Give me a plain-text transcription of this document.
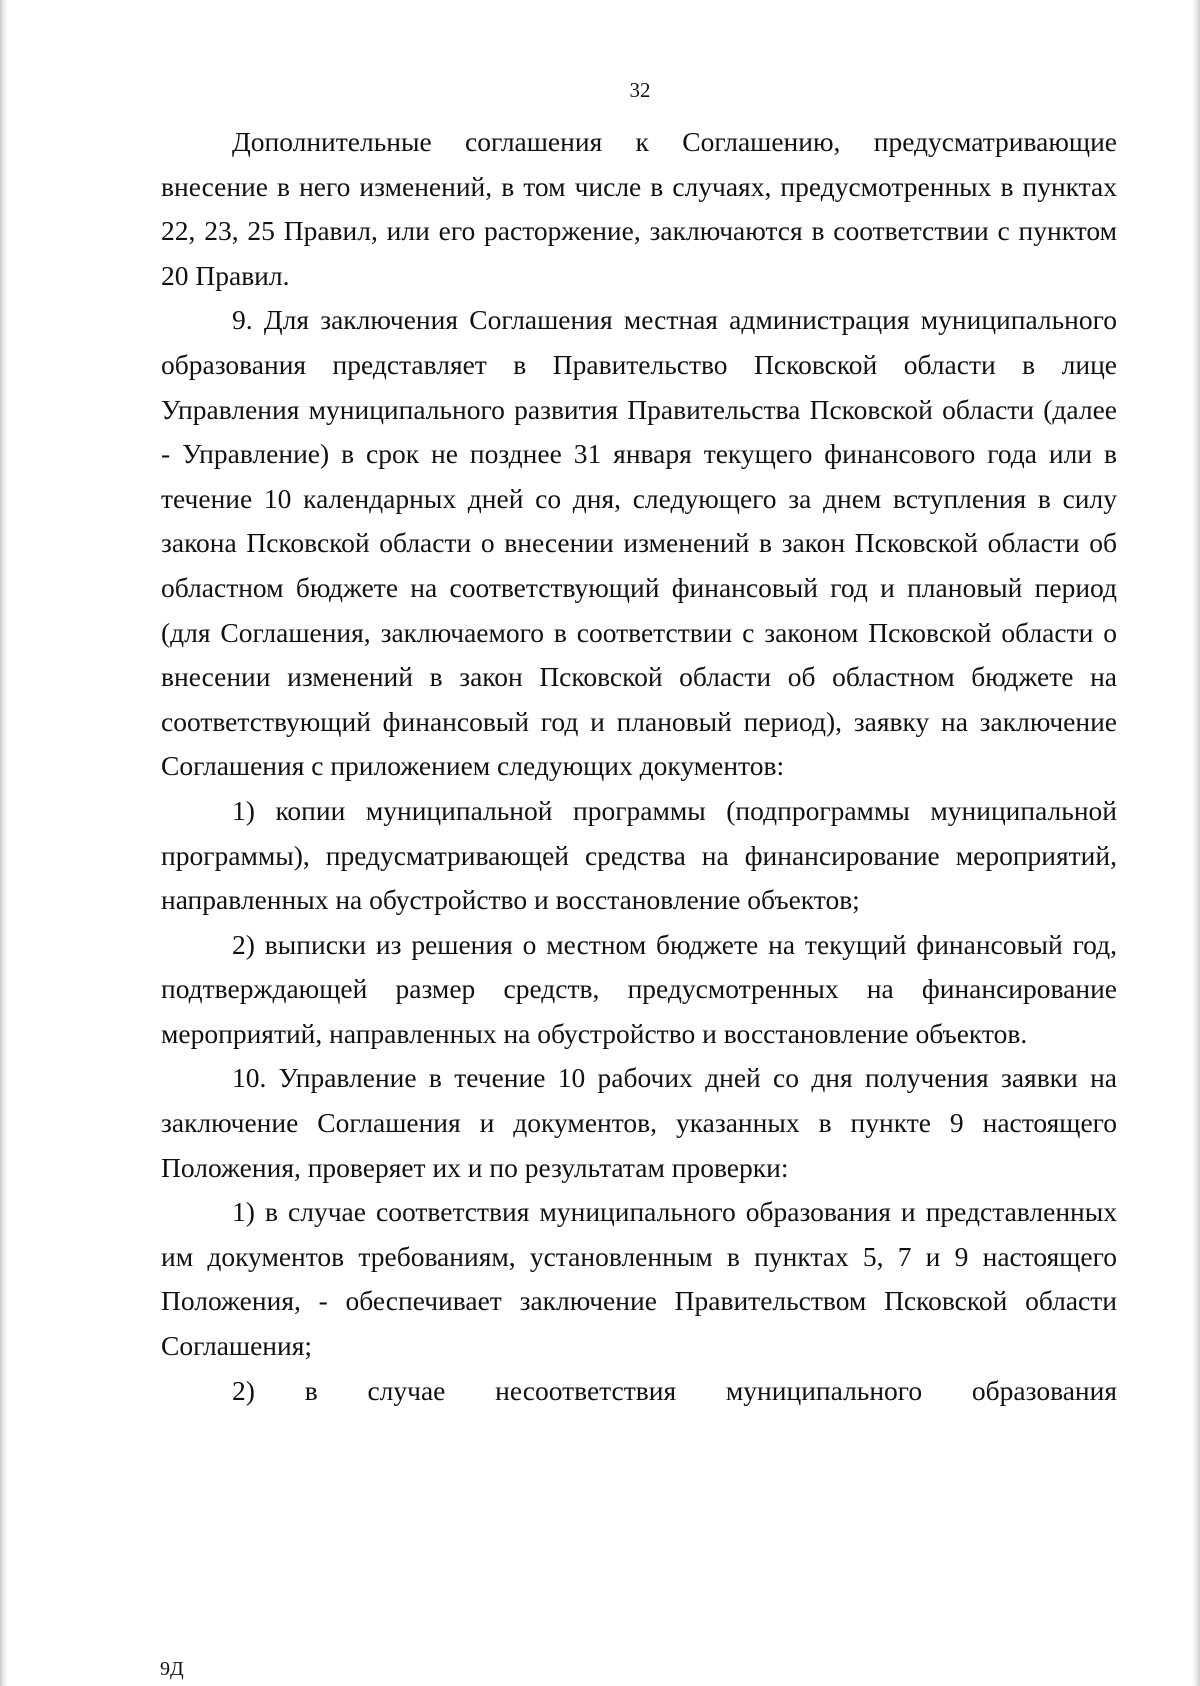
32

Дополнительные соглашения к Соглашению, предусматривающие внесение в него изменений, в том числе в случаях, предусмотренных в пунктах 22, 23, 25 Правил, или его расторжение, заключаются в соответствии с пунктом 20 Правил.

9. Для заключения Соглашения местная администрация муниципального образования представляет в Правительство Псковской области в лице Управления муниципального развития Правительства Псковской области (далее - Управление) в срок не позднее 31 января текущего финансового года или в течение 10 календарных дней со дня, следующего за днем вступления в силу закона Псковской области о внесении изменений в закон Псковской области об областном бюджете на соответствующий финансовый год и плановый период (для Соглашения, заключаемого в соответствии с законом Псковской области о внесении изменений в закон Псковской области об областном бюджете на соответствующий финансовый год и плановый период), заявку на заключение Соглашения с приложением следующих документов:

1) копии муниципальной программы (подпрограммы муниципальной программы), предусматривающей средства на финансирование мероприятий, направленных на обустройство и восстановление объектов;

2) выписки из решения о местном бюджете на текущий финансовый год, подтверждающей размер средств, предусмотренных на финансирование мероприятий, направленных на обустройство и восстановление объектов.

10. Управление в течение 10 рабочих дней со дня получения заявки на заключение Соглашения и документов, указанных в пункте 9 настоящего Положения, проверяет их и по результатам проверки:

1) в случае соответствия муниципального образования и представленных им документов требованиям, установленным в пунктах 5, 7 и 9 настоящего Положения, - обеспечивает заключение Правительством Псковской области Соглашения;

2) в случае несоответствия муниципального образования

9Д
